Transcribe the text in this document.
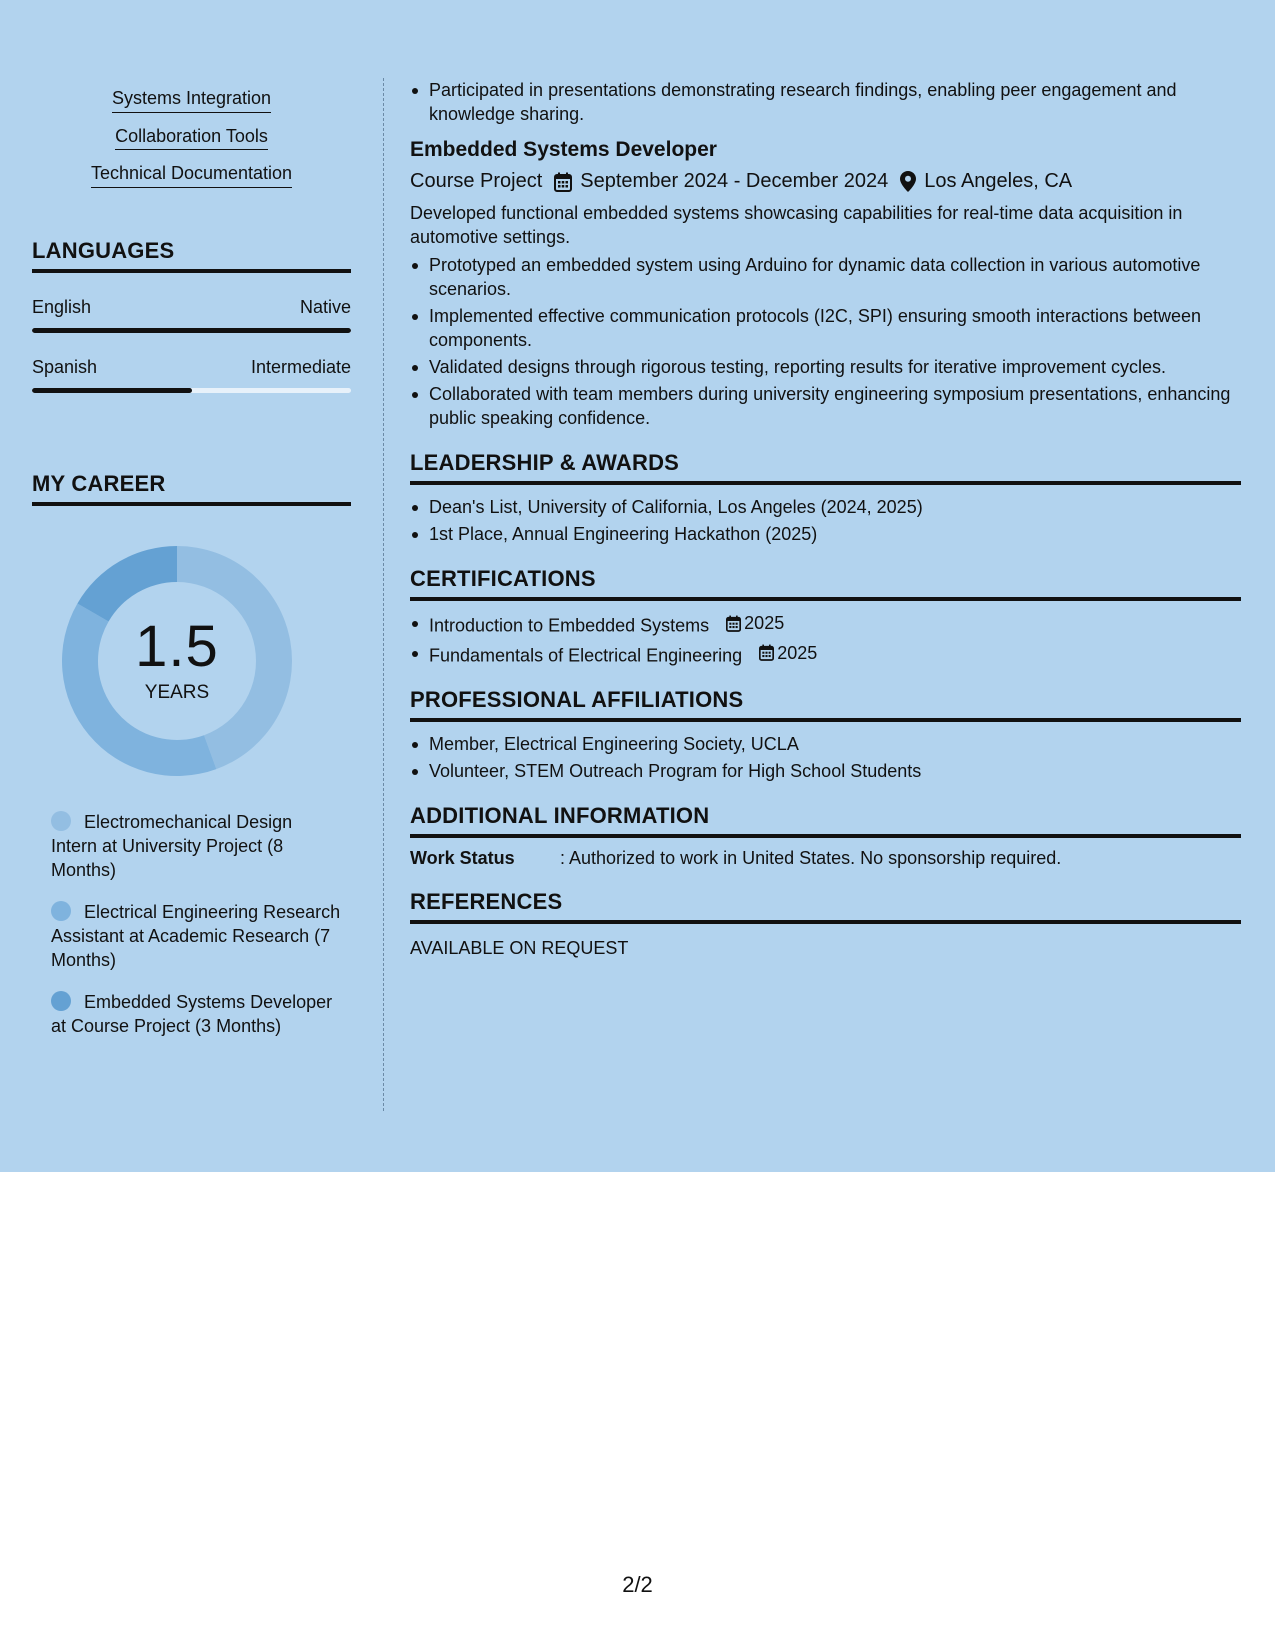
Systems Integration
Collaboration Tools
Technical Documentation
LANGUAGES
English	Native
Spanish	Intermediate
MY CAREER
1.5
YEARS
Electromechanical Design Intern at University Project (8 Months)
Electrical Engineering Research Assistant at Academic Research (7 Months)
Embedded Systems Developer at Course Project (3 Months)
Participated in presentations demonstrating research findings, enabling peer engagement and knowledge sharing.
Embedded Systems Developer
Course Project September 2024 - December 2024 Los Angeles, CA
Developed functional embedded systems showcasing capabilities for real-time data acquisition in automotive settings.
Prototyped an embedded system using Arduino for dynamic data collection in various automotive scenarios.
Implemented effective communication protocols (I2C, SPI) ensuring smooth interactions between components.
Validated designs through rigorous testing, reporting results for iterative improvement cycles.
Collaborated with team members during university engineering symposium presentations, enhancing public speaking confidence.
LEADERSHIP & AWARDS
Dean's List, University of California, Los Angeles (2024, 2025)
1st Place, Annual Engineering Hackathon (2025)
CERTIFICATIONS
Introduction to Embedded Systems 2025
Fundamentals of Electrical Engineering 2025
PROFESSIONAL AFFILIATIONS
Member, Electrical Engineering Society, UCLA
Volunteer, STEM Outreach Program for High School Students
ADDITIONAL INFORMATION
Work Status	: Authorized to work in United States. No sponsorship required.
REFERENCES
AVAILABLE ON REQUEST
2/2
